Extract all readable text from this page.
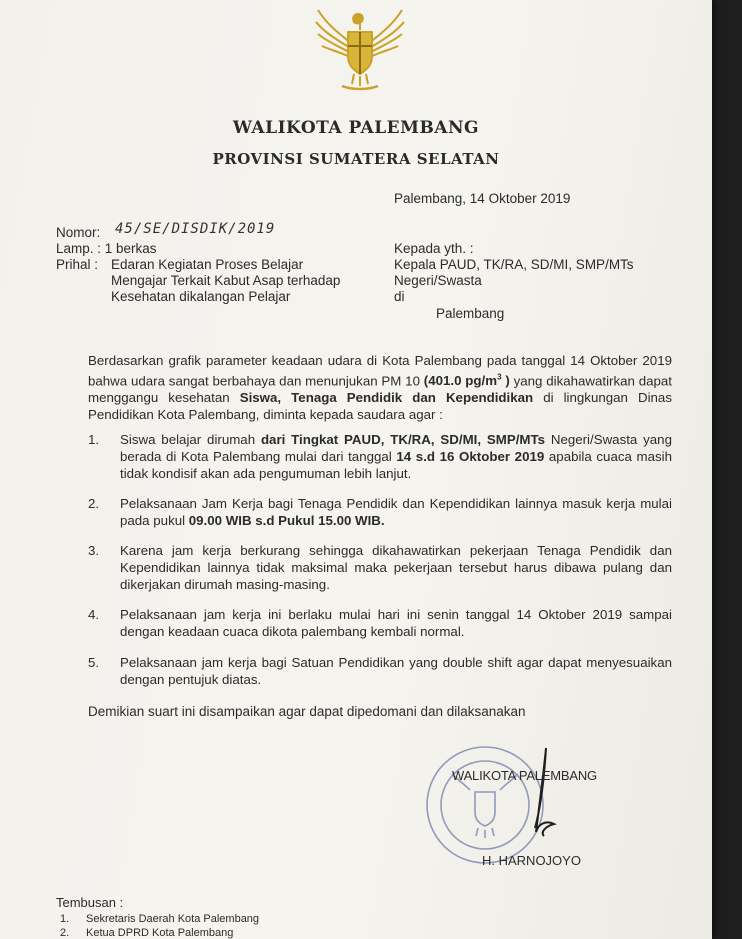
WALIKOTA PALEMBANG
PROVINSI SUMATERA SELATAN
Palembang, 14 Oktober 2019
Nomor: 45/SE/DISDIK/2019
Lamp. : 1 berkas
Prihal : Edaran Kegiatan Proses Belajar
Mengajar Terkait Kabut Asap terhadap
Kesehatan dikalangan Pelajar
Kepada yth. :
Kepala PAUD, TK/RA, SD/MI, SMP/MTs
Negeri/Swasta
di
Palembang
Berdasarkan grafik parameter keadaan udara di Kota Palembang pada tanggal 14 Oktober 2019 bahwa udara sangat berbahaya dan menunjukan PM 10 (401.0 $pg/m^3$ ) yang dikahawatirkan dapat menggangu kesehatan Siswa, Tenaga Pendidik dan Kependidikan di lingkungan Dinas Pendidikan Kota Palembang, diminta kepada saudara agar :
1.	Siswa belajar dirumah dari Tingkat PAUD, TK/RA, SD/MI, SMP/MTs Negeri/Swasta yang berada di Kota Palembang mulai dari tanggal 14 s.d 16 Oktober 2019 apabila cuaca masih tidak kondisif akan ada pengumuman lebih lanjut.
2.	Pelaksanaan Jam Kerja bagi Tenaga Pendidik dan Kependidikan lainnya masuk kerja mulai pada pukul 09.00 WIB s.d Pukul 15.00 WIB.
3.	Karena jam kerja berkurang sehingga dikahawatirkan pekerjaan Tenaga Pendidik dan Kependidikan lainnya tidak maksimal maka pekerjaan tersebut harus dibawa pulang dan dikerjakan dirumah masing-masing.
4.	Pelaksanaan jam kerja ini berlaku mulai hari ini senin tanggal 14 Oktober 2019 sampai dengan keadaan cuaca dikota palembang kembali normal.
5.	Pelaksanaan jam kerja bagi Satuan Pendidikan yang double shift agar dapat menyesuaikan dengan pentujuk diatas.
Demikian suart ini disampaikan agar dapat dipedomani dan dilaksanakan
WALIKOTA PALEMBANG
H. HARNOJOYO
Tembusan :
1. Sekretaris Daerah Kota Palembang
2. Ketua DPRD Kota Palembang
